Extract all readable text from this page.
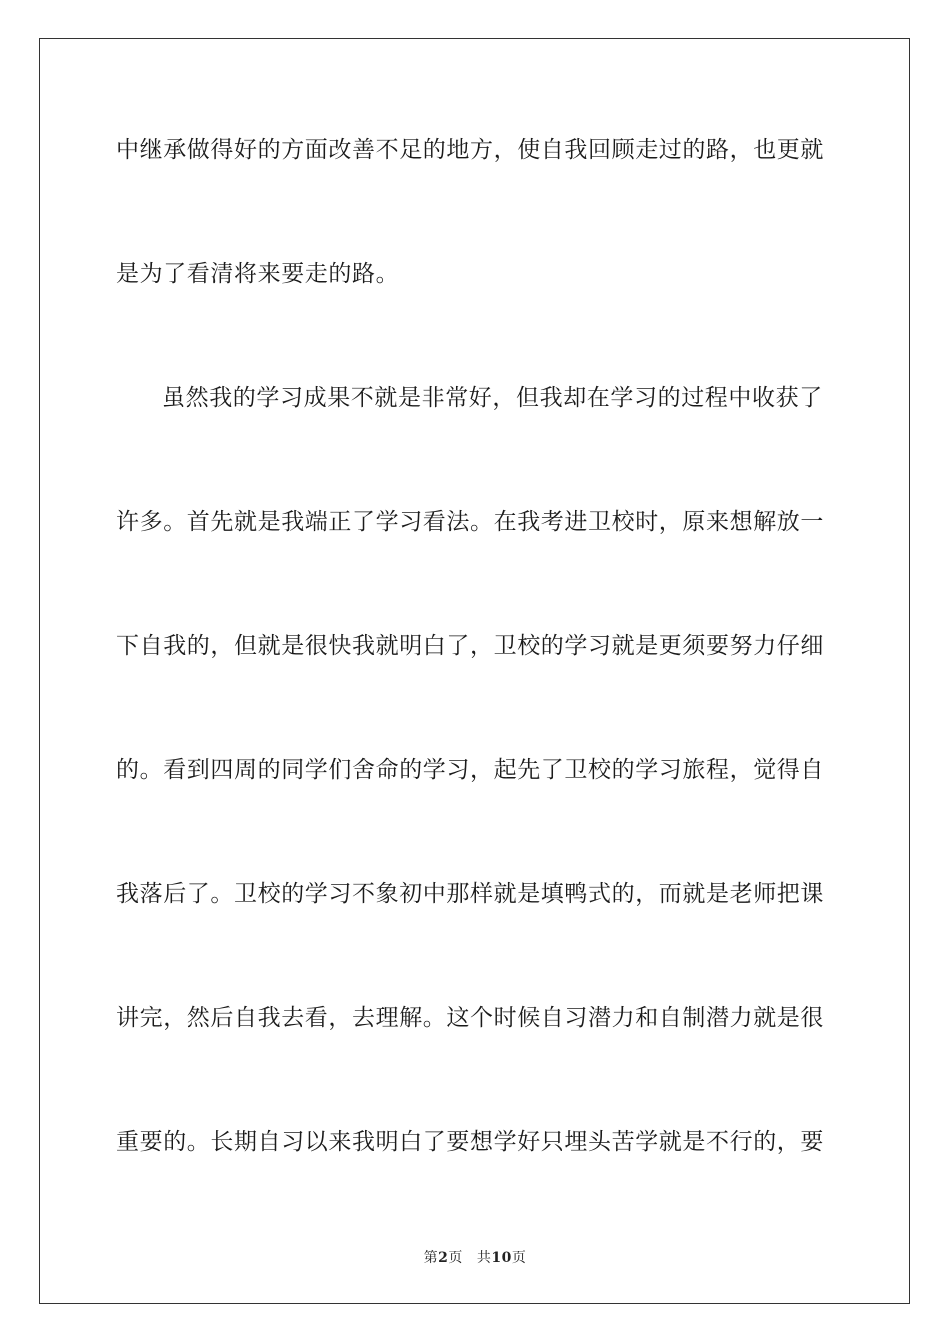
中继承做得好的方面改善不足的地方，使自我回顾走过的路，也更就
是为了看清将来要走的路。
虽然我的学习成果不就是非常好，但我却在学习的过程中收获了
许多。首先就是我端正了学习看法。在我考进卫校时，原来想解放一
下自我的，但就是很快我就明白了，卫校的学习就是更须要努力仔细
的。看到四周的同学们舍命的学习，起先了卫校的学习旅程，觉得自
我落后了。卫校的学习不象初中那样就是填鸭式的，而就是老师把课
讲完，然后自我去看，去理解。这个时候自习潜力和自制潜力就是很
重要的。长期自习以来我明白了要想学好只埋头苦学就是不行的，要
第2页 共10页
